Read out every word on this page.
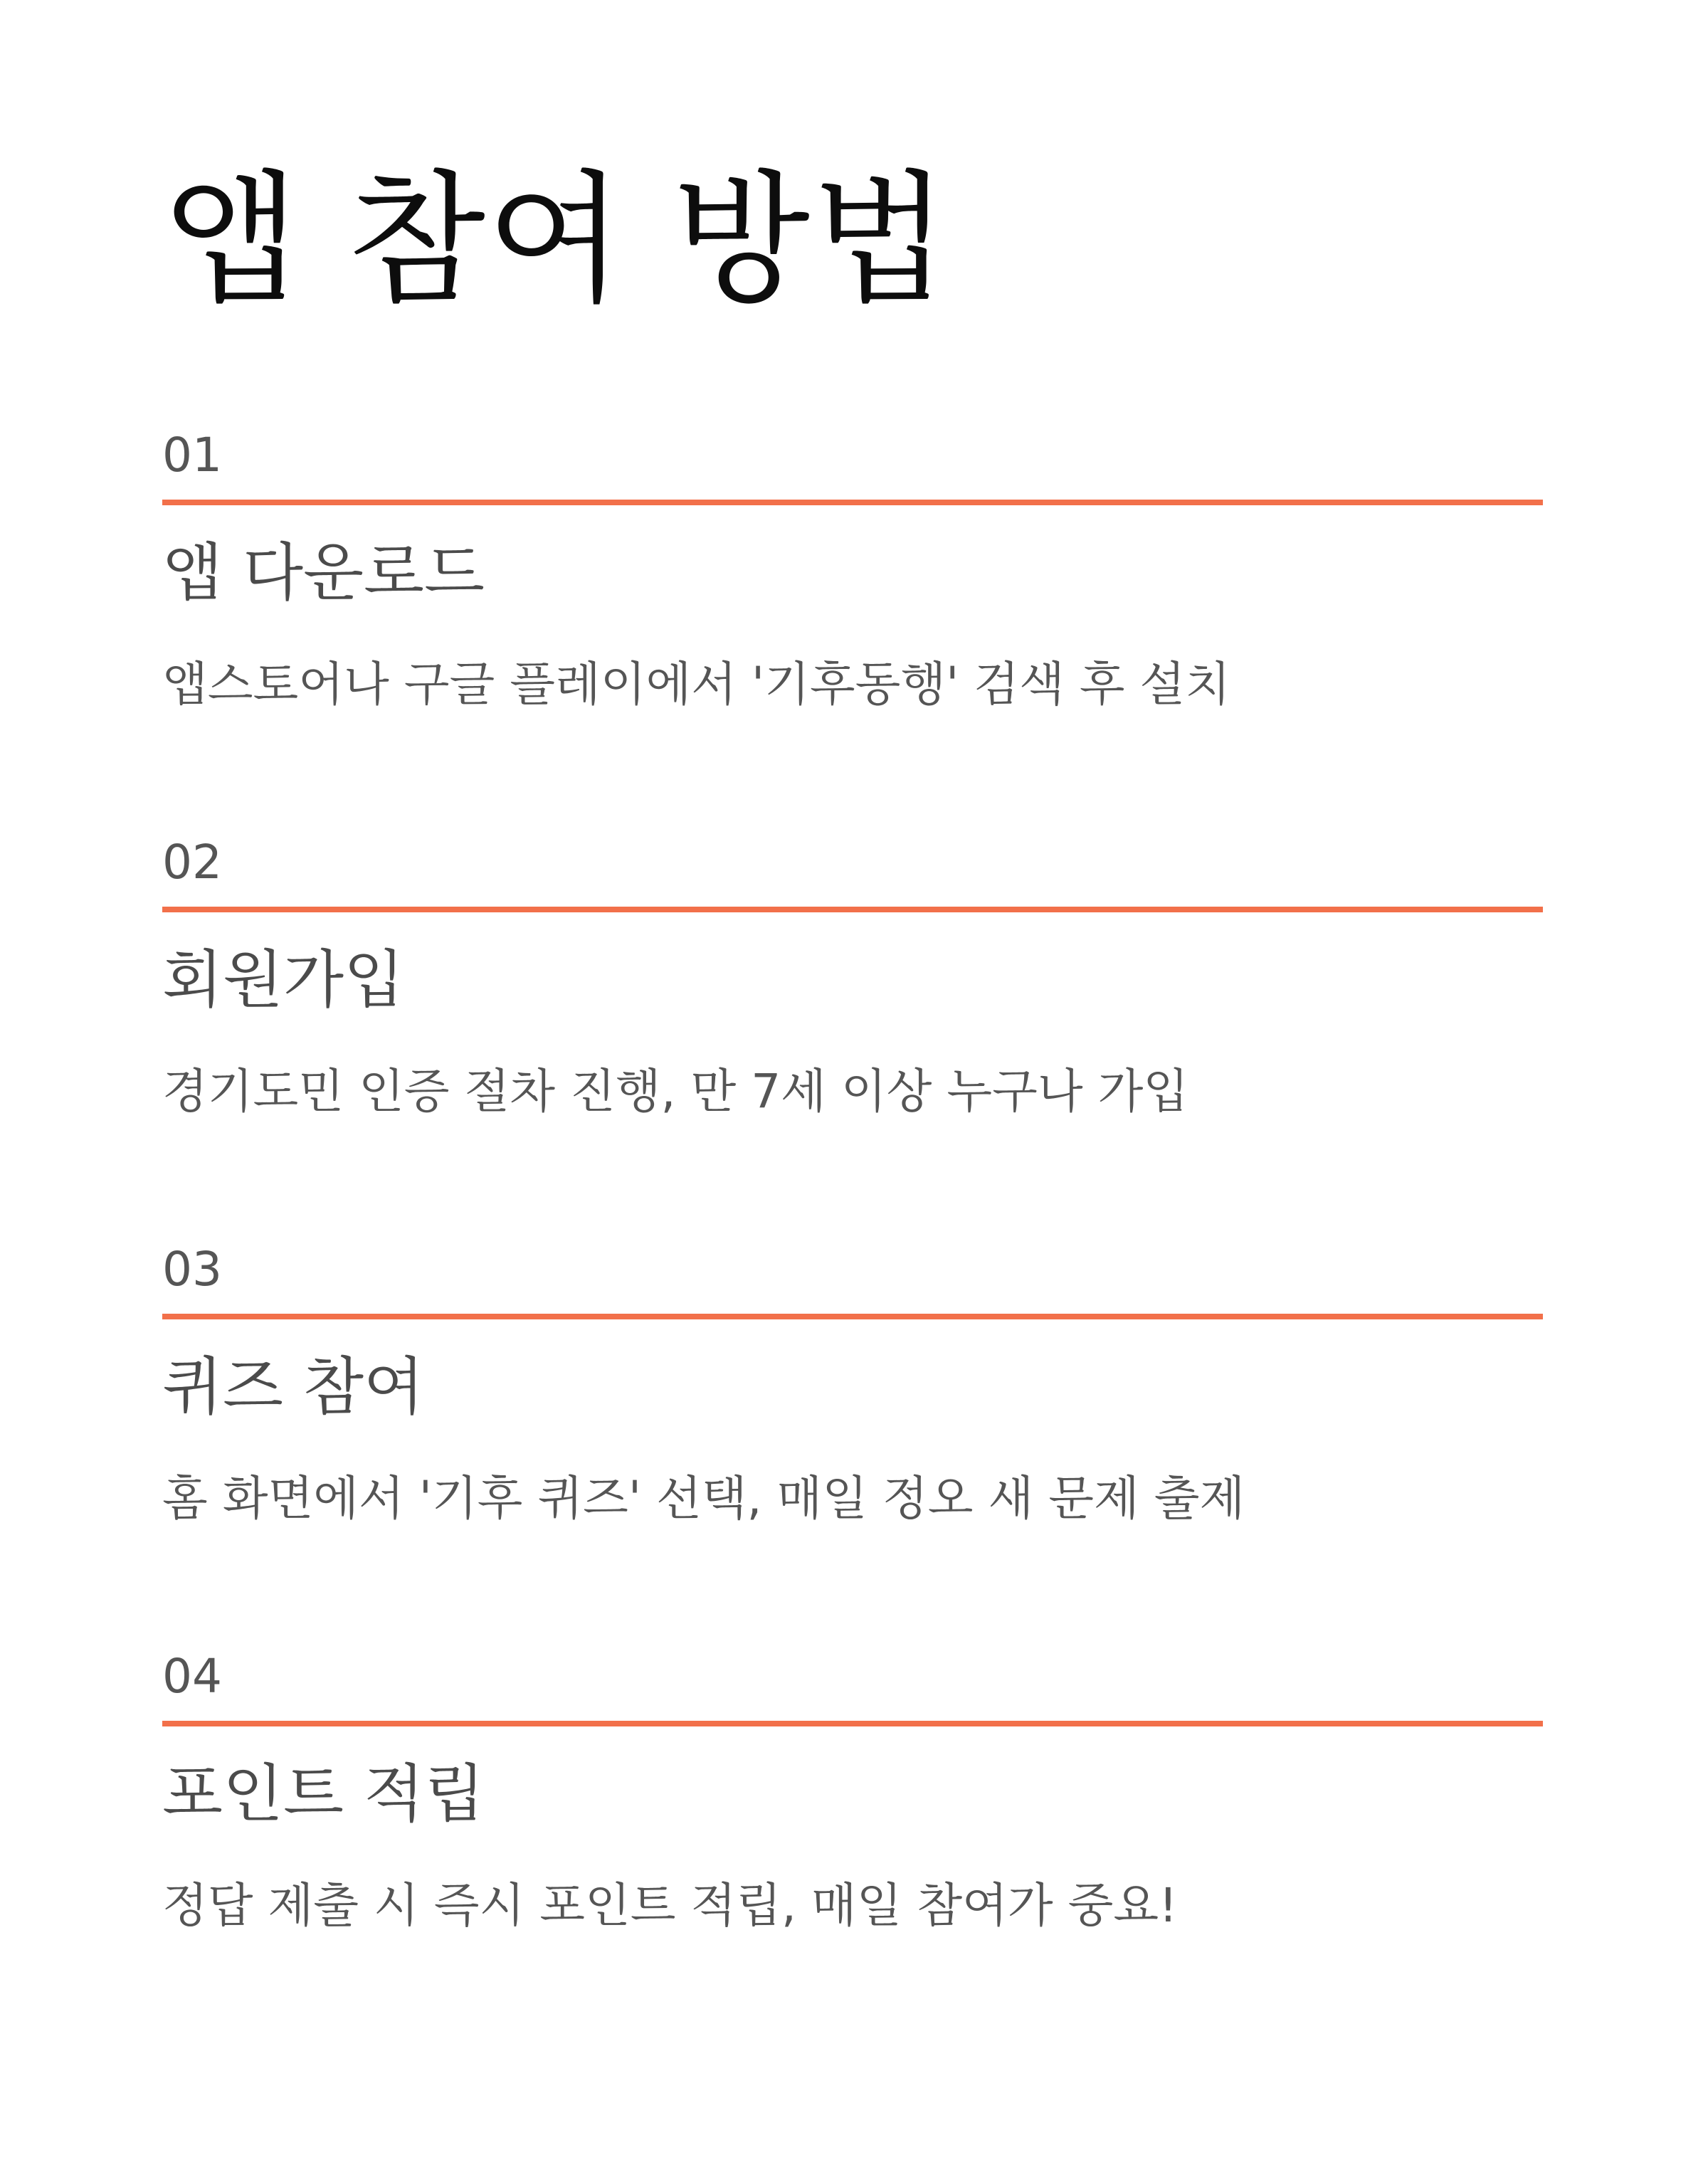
앱 참여 방법
01
앱 다운로드

앱스토어나 구글 플레이에서 '기후동행' 검색 후 설치

02
회원가입

경기도민 인증 절차 진행, 만 7세 이상 누구나 가입

03
퀴즈 참여

홈 화면에서 '기후 퀴즈' 선택, 매일 정오 새 문제 출제

04
포인트 적립

정답 제출 시 즉시 포인트 적립, 매일 참여가 중요!
